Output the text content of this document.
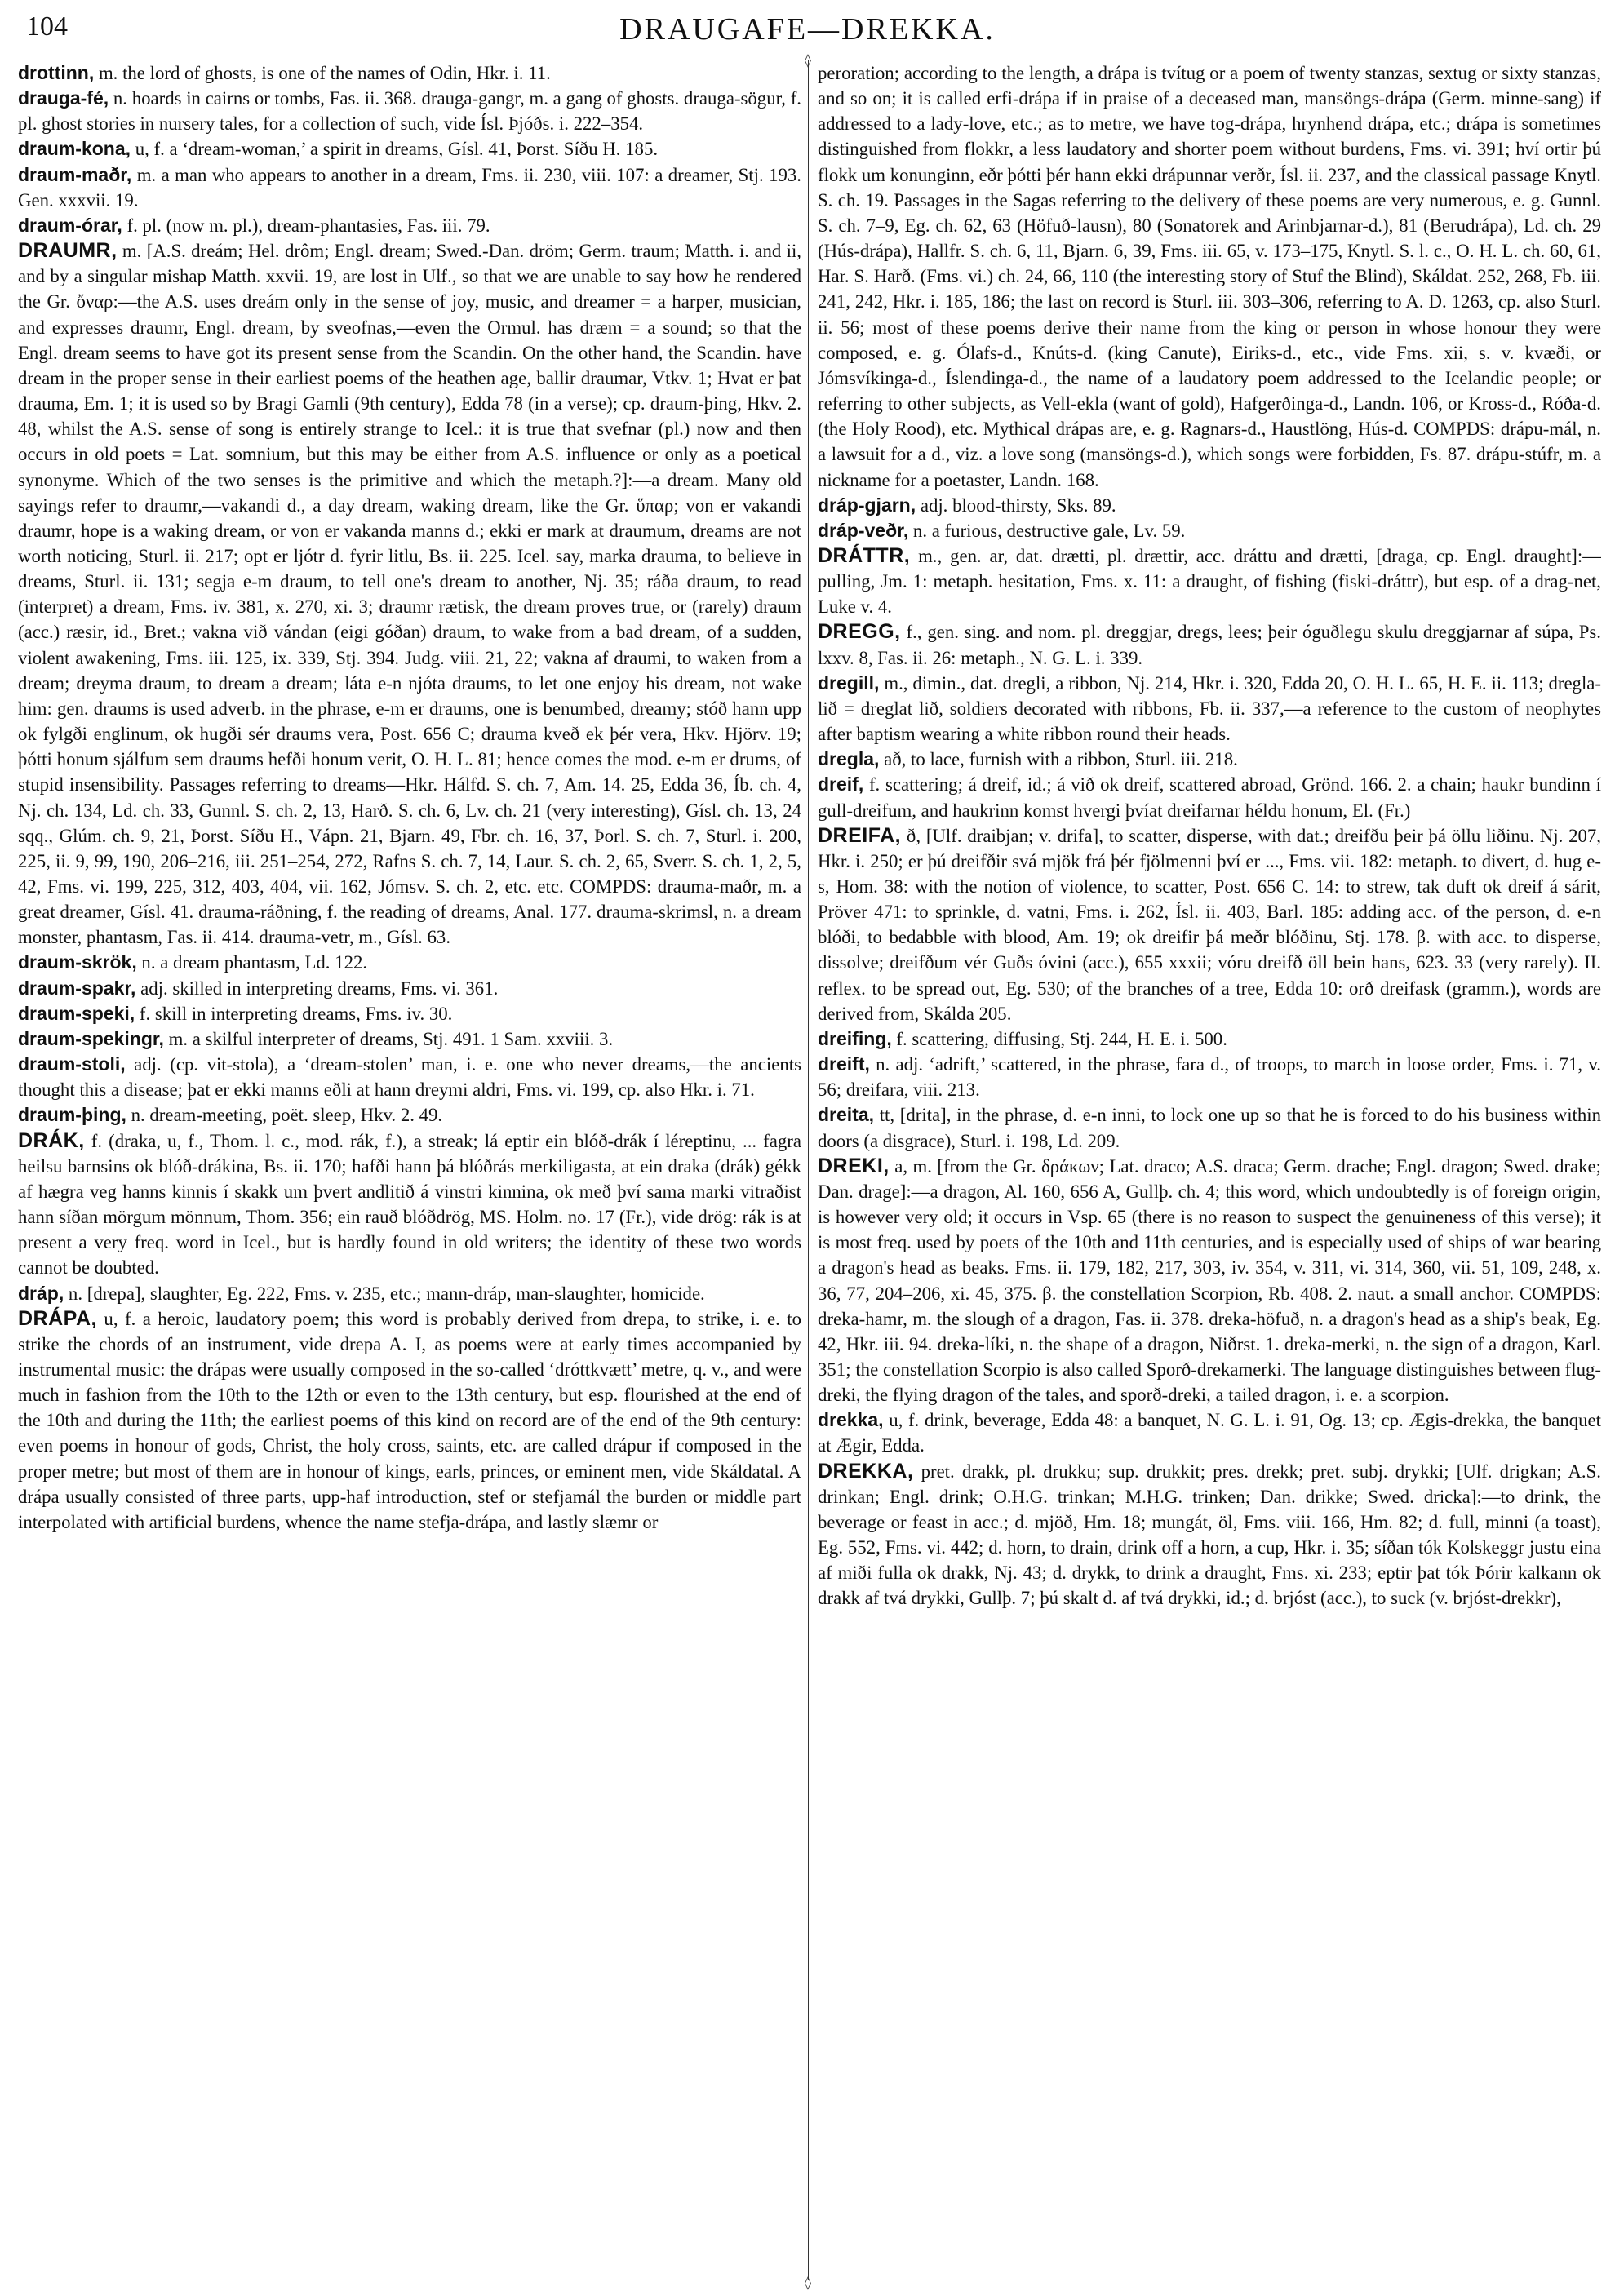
104	DRAUGAFE—DREKKA.
◊
◊

drottinn, m. the lord of ghosts, is one of the names of Odin, Hkr. i. 11.

drauga-fé, n. hoards in cairns or tombs, Fas. ii. 368. drauga-gangr, m. a gang of ghosts. drauga-sögur, f. pl. ghost stories in nursery tales, for a collection of such, vide Ísl. Þjóðs. i. 222–354.

draum-kona, u, f. a ‘dream-woman,’ a spirit in dreams, Gísl. 41, Þorst. Síðu H. 185.

draum-maðr, m. a man who appears to another in a dream, Fms. ii. 230, viii. 107: a dreamer, Stj. 193. Gen. xxxvii. 19.

draum-órar, f. pl. (now m. pl.), dream-phantasies, Fas. iii. 79.

DRAUMR, m. [A.S. dreám; Hel. drôm; Engl. dream; Swed.-Dan. dröm; Germ. traum; Matth. i. and ii, and by a singular mishap Matth. xxvii. 19, are lost in Ulf., so that we are unable to say how he rendered the Gr. ὄναρ:—the A.S. uses dreám only in the sense of joy, music, and dreamer = a harper, musician, and expresses draumr, Engl. dream, by sveofnas,—even the Ormul. has dræm = a sound; so that the Engl. dream seems to have got its present sense from the Scandin. On the other hand, the Scandin. have dream in the proper sense in their earliest poems of the heathen age, ballir draumar, Vtkv. 1; Hvat er þat drauma, Em. 1; it is used so by Bragi Gamli (9th century), Edda 78 (in a verse); cp. draum-þing, Hkv. 2. 48, whilst the A.S. sense of song is entirely strange to Icel.: it is true that svefnar (pl.) now and then occurs in old poets = Lat. somnium, but this may be either from A.S. influence or only as a poetical synonyme. Which of the two senses is the primitive and which the metaph.?]:—a dream. Many old sayings refer to draumr,—vakandi d., a day dream, waking dream, like the Gr. ὕπαρ; von er vakandi draumr, hope is a waking dream, or von er vakanda manns d.; ekki er mark at draumum, dreams are not worth noticing, Sturl. ii. 217; opt er ljótr d. fyrir litlu, Bs. ii. 225. Icel. say, marka drauma, to believe in dreams, Sturl. ii. 131; segja e-m draum, to tell one's dream to another, Nj. 35; ráða draum, to read (interpret) a dream, Fms. iv. 381, x. 270, xi. 3; draumr rætisk, the dream proves true, or (rarely) draum (acc.) ræsir, id., Bret.; vakna við vándan (eigi góðan) draum, to wake from a bad dream, of a sudden, violent awakening, Fms. iii. 125, ix. 339, Stj. 394. Judg. viii. 21, 22; vakna af draumi, to waken from a dream; dreyma draum, to dream a dream; láta e-n njóta draums, to let one enjoy his dream, not wake him: gen. draums is used adverb. in the phrase, e-m er draums, one is benumbed, dreamy; stóð hann upp ok fylgði englinum, ok hugði sér draums vera, Post. 656 C; drauma kveð ek þér vera, Hkv. Hjörv. 19; þótti honum sjálfum sem draums hefði honum verit, O. H. L. 81; hence comes the mod. e-m er drums, of stupid insensibility. Passages referring to dreams—Hkr. Hálfd. S. ch. 7, Am. 14. 25, Edda 36, Íb. ch. 4, Nj. ch. 134, Ld. ch. 33, Gunnl. S. ch. 2, 13, Harð. S. ch. 6, Lv. ch. 21 (very interesting), Gísl. ch. 13, 24 sqq., Glúm. ch. 9, 21, Þorst. Síðu H., Vápn. 21, Bjarn. 49, Fbr. ch. 16, 37, Þorl. S. ch. 7, Sturl. i. 200, 225, ii. 9, 99, 190, 206–216, iii. 251–254, 272, Rafns S. ch. 7, 14, Laur. S. ch. 2, 65, Sverr. S. ch. 1, 2, 5, 42, Fms. vi. 199, 225, 312, 403, 404, vii. 162, Jómsv. S. ch. 2, etc. etc. COMPDS: drauma-maðr, m. a great dreamer, Gísl. 41. drauma-ráðning, f. the reading of dreams, Anal. 177. drauma-skrimsl, n. a dream monster, phantasm, Fas. ii. 414. drauma-vetr, m., Gísl. 63.

draum-skrök, n. a dream phantasm, Ld. 122.

draum-spakr, adj. skilled in interpreting dreams, Fms. vi. 361.

draum-speki, f. skill in interpreting dreams, Fms. iv. 30.

draum-spekingr, m. a skilful interpreter of dreams, Stj. 491. 1 Sam. xxviii. 3.

draum-stoli, adj. (cp. vit-stola), a ‘dream-stolen’ man, i. e. one who never dreams,—the ancients thought this a disease; þat er ekki manns eðli at hann dreymi aldri, Fms. vi. 199, cp. also Hkr. i. 71.

draum-þing, n. dream-meeting, poët. sleep, Hkv. 2. 49.

DRÁK, f. (draka, u, f., Thom. l. c., mod. rák, f.), a streak; lá eptir ein blóð-drák í léreptinu, ... fagra heilsu barnsins ok blóð-drákina, Bs. ii. 170; hafði hann þá blóðrás merkiligasta, at ein draka (drák) gékk af hægra veg hanns kinnis í skakk um þvert andlitið á vinstri kinnina, ok með því sama marki vitraðist hann síðan mörgum mönnum, Thom. 356; ein rauð blóðdrög, MS. Holm. no. 17 (Fr.), vide drög: rák is at present a very freq. word in Icel., but is hardly found in old writers; the identity of these two words cannot be doubted.

dráp, n. [drepa], slaughter, Eg. 222, Fms. v. 235, etc.; mann-dráp, man-slaughter, homicide.

DRÁPA, u, f. a heroic, laudatory poem; this word is probably derived from drepa, to strike, i. e. to strike the chords of an instrument, vide drepa A. I, as poems were at early times accompanied by instrumental music: the drápas were usually composed in the so-called ‘dróttkvætt’ metre, q. v., and were much in fashion from the 10th to the 12th or even to the 13th century, but esp. flourished at the end of the 10th and during the 11th; the earliest poems of this kind on record are of the end of the 9th century: even poems in honour of gods, Christ, the holy cross, saints, etc. are called drápur if composed in the proper metre; but most of them are in honour of kings, earls, princes, or eminent men, vide Skáldatal. A drápa usually consisted of three parts, upp-haf introduction, stef or stefjamál the burden or middle part interpolated with artificial burdens, whence the name stefja-drápa, and lastly slæmr or

peroration; according to the length, a drápa is tvítug or a poem of twenty stanzas, sextug or sixty stanzas, and so on; it is called erfi-drápa if in praise of a deceased man, mansöngs-drápa (Germ. minne-sang) if addressed to a lady-love, etc.; as to metre, we have tog-drápa, hrynhend drápa, etc.; drápa is sometimes distinguished from flokkr, a less laudatory and shorter poem without burdens, Fms. vi. 391; hví ortir þú flokk um konunginn, eðr þótti þér hann ekki drápunnar verðr, Ísl. ii. 237, and the classical passage Knytl. S. ch. 19. Passages in the Sagas referring to the delivery of these poems are very numerous, e. g. Gunnl. S. ch. 7–9, Eg. ch. 62, 63 (Höfuð-lausn), 80 (Sonatorek and Arinbjarnar-d.), 81 (Berudrápa), Ld. ch. 29 (Hús-drápa), Hallfr. S. ch. 6, 11, Bjarn. 6, 39, Fms. iii. 65, v. 173–175, Knytl. S. l. c., O. H. L. ch. 60, 61, Har. S. Harð. (Fms. vi.) ch. 24, 66, 110 (the interesting story of Stuf the Blind), Skáldat. 252, 268, Fb. iii. 241, 242, Hkr. i. 185, 186; the last on record is Sturl. iii. 303–306, referring to A. D. 1263, cp. also Sturl. ii. 56; most of these poems derive their name from the king or person in whose honour they were composed, e. g. Ólafs-d., Knúts-d. (king Canute), Eiriks-d., etc., vide Fms. xii, s. v. kvæði, or Jómsvíkinga-d., Íslendinga-d., the name of a laudatory poem addressed to the Icelandic people; or referring to other subjects, as Vell-ekla (want of gold), Hafgerðinga-d., Landn. 106, or Kross-d., Róða-d. (the Holy Rood), etc. Mythical drápas are, e. g. Ragnars-d., Haustlöng, Hús-d. COMPDS: drápu-mál, n. a lawsuit for a d., viz. a love song (mansöngs-d.), which songs were forbidden, Fs. 87. drápu-stúfr, m. a nickname for a poetaster, Landn. 168.

dráp-gjarn, adj. blood-thirsty, Sks. 89.

dráp-veðr, n. a furious, destructive gale, Lv. 59.

DRÁTTR, m., gen. ar, dat. drætti, pl. drættir, acc. dráttu and drætti, [draga, cp. Engl. draught]:—pulling, Jm. 1: metaph. hesitation, Fms. x. 11: a draught, of fishing (fiski-dráttr), but esp. of a drag-net, Luke v. 4.

DREGG, f., gen. sing. and nom. pl. dreggjar, dregs, lees; þeir óguðlegu skulu dreggjarnar af súpa, Ps. lxxv. 8, Fas. ii. 26: metaph., N. G. L. i. 339.

dregill, m., dimin., dat. dregli, a ribbon, Nj. 214, Hkr. i. 320, Edda 20, O. H. L. 65, H. E. ii. 113; dregla-lið = dreglat lið, soldiers decorated with ribbons, Fb. ii. 337,—a reference to the custom of neophytes after baptism wearing a white ribbon round their heads.

dregla, að, to lace, furnish with a ribbon, Sturl. iii. 218.

dreif, f. scattering; á dreif, id.; á við ok dreif, scattered abroad, Grönd. 166. 2. a chain; haukr bundinn í gull-dreifum, and haukrinn komst hvergi þvíat dreifarnar héldu honum, El. (Fr.)

DREIFA, ð, [Ulf. draibjan; v. drifa], to scatter, disperse, with dat.; dreifðu þeir þá öllu liðinu. Nj. 207, Hkr. i. 250; er þú dreifðir svá mjök frá þér fjölmenni því er ..., Fms. vii. 182: metaph. to divert, d. hug e-s, Hom. 38: with the notion of violence, to scatter, Post. 656 C. 14: to strew, tak duft ok dreif á sárit, Pröver 471: to sprinkle, d. vatni, Fms. i. 262, Ísl. ii. 403, Barl. 185: adding acc. of the person, d. e-n blóði, to bedabble with blood, Am. 19; ok dreifir þá meðr blóðinu, Stj. 178. β. with acc. to disperse, dissolve; dreifðum vér Guðs óvini (acc.), 655 xxxii; vóru dreifð öll bein hans, 623. 33 (very rarely). II. reflex. to be spread out, Eg. 530; of the branches of a tree, Edda 10: orð dreifask (gramm.), words are derived from, Skálda 205.

dreifing, f. scattering, diffusing, Stj. 244, H. E. i. 500.

dreift, n. adj. ‘adrift,’ scattered, in the phrase, fara d., of troops, to march in loose order, Fms. i. 71, v. 56; dreifara, viii. 213.

dreita, tt, [drita], in the phrase, d. e-n inni, to lock one up so that he is forced to do his business within doors (a disgrace), Sturl. i. 198, Ld. 209.

DREKI, a, m. [from the Gr. δράκων; Lat. draco; A.S. draca; Germ. drache; Engl. dragon; Swed. drake; Dan. drage]:—a dragon, Al. 160, 656 A, Gullþ. ch. 4; this word, which undoubtedly is of foreign origin, is however very old; it occurs in Vsp. 65 (there is no reason to suspect the genuineness of this verse); it is most freq. used by poets of the 10th and 11th centuries, and is especially used of ships of war bearing a dragon's head as beaks. Fms. ii. 179, 182, 217, 303, iv. 354, v. 311, vi. 314, 360, vii. 51, 109, 248, x. 36, 77, 204–206, xi. 45, 375. β. the constellation Scorpion, Rb. 408. 2. naut. a small anchor. COMPDS: dreka-hamr, m. the slough of a dragon, Fas. ii. 378. dreka-höfuð, n. a dragon's head as a ship's beak, Eg. 42, Hkr. iii. 94. dreka-líki, n. the shape of a dragon, Niðrst. 1. dreka-merki, n. the sign of a dragon, Karl. 351; the constellation Scorpio is also called Sporð-drekamerki. The language distinguishes between flug-dreki, the flying dragon of the tales, and sporð-dreki, a tailed dragon, i. e. a scorpion.

drekka, u, f. drink, beverage, Edda 48: a banquet, N. G. L. i. 91, Og. 13; cp. Ægis-drekka, the banquet at Ægir, Edda.

DREKKA, pret. drakk, pl. drukku; sup. drukkit; pres. drekk; pret. subj. drykki; [Ulf. drigkan; A.S. drinkan; Engl. drink; O.H.G. trinkan; M.H.G. trinken; Dan. drikke; Swed. dricka]:—to drink, the beverage or feast in acc.; d. mjöð, Hm. 18; mungát, öl, Fms. viii. 166, Hm. 82; d. full, minni (a toast), Eg. 552, Fms. vi. 442; d. horn, to drain, drink off a horn, a cup, Hkr. i. 35; síðan tók Kolskeggr justu eina af miði fulla ok drakk, Nj. 43; d. drykk, to drink a draught, Fms. xi. 233; eptir þat tók Þórir kalkann ok drakk af tvá drykki, Gullþ. 7; þú skalt d. af tvá drykki, id.; d. brjóst (acc.), to suck (v. brjóst-drekkr),
